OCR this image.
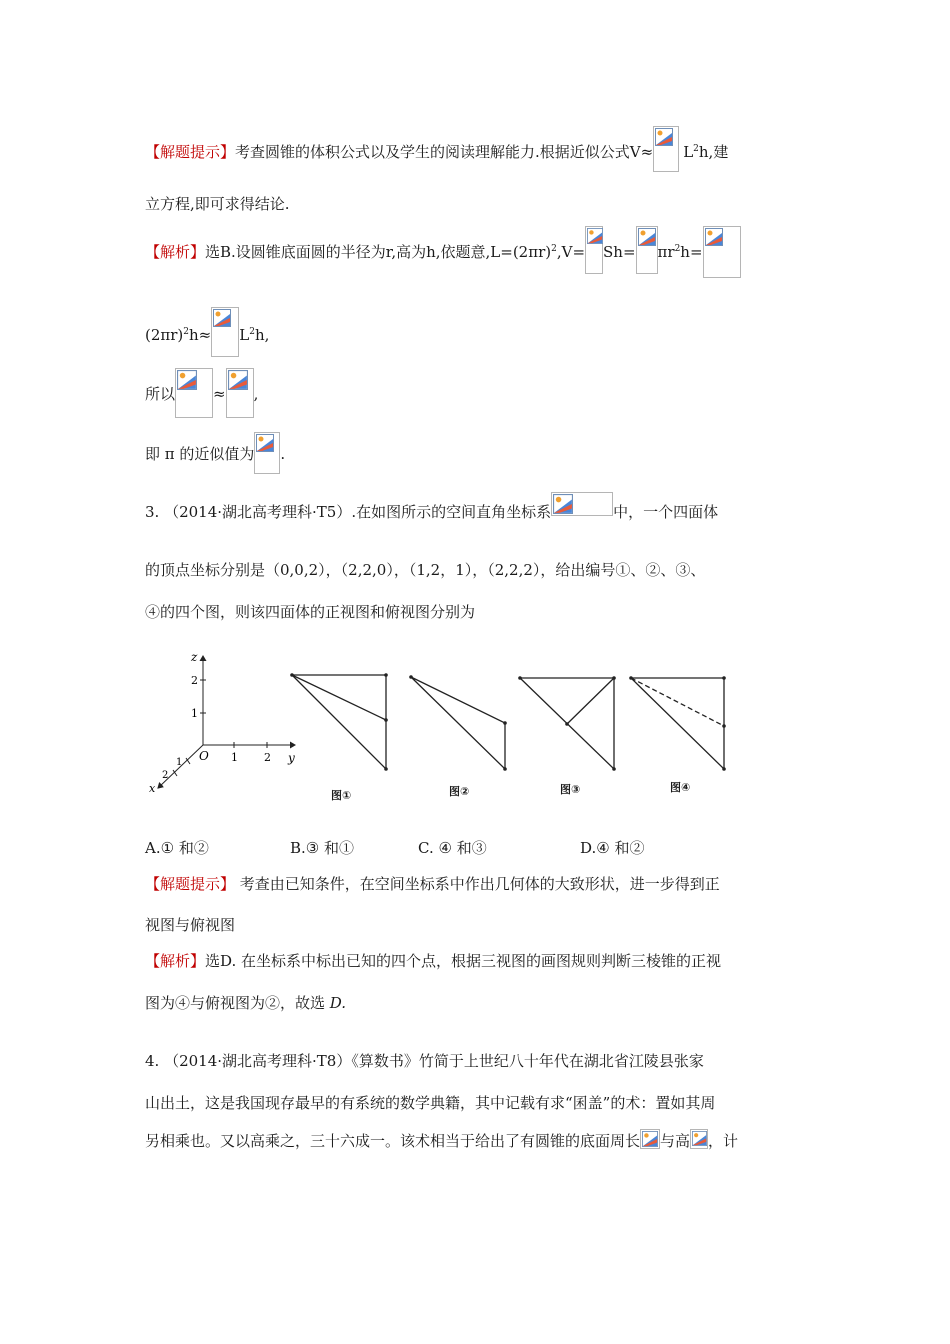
【解题提示】考查圆锥的体积公式以及学生的阅读理解能力.根据近似公式$V\approx L^2h$,建
立方程,即可求得结论.
【解析】选B.设圆锥底面圆的半径为r,高为h,依题意$,L=(2\pi r)^2,V= Sh= \pi r^2h=$
$(2\pi r)^2h\approx L^2h$,
所以	≈ ,
即 π 的近似值为 .
3. （2014·湖北高考理科·T5）.在如图所示的空间直角坐标系	中，一个四面体
的顶点坐标分别是（0,0,2），（2,2,0），（1,2，1），（2,2,2），给出编号①、②、③、
④的四个图，则该四面体的正视图和俯视图分别为
z
2
1
O 1 2 y
1
2
x
图①	图②	图③	图④
A.① 和②	B.③ 和①	C. ④ 和③	D.④ 和②
【解题提示】 考查由已知条件，在空间坐标系中作出几何体的大致形状，进一步得到正
视图与俯视图
【解析】选D. 在坐标系中标出已知的四个点，根据三视图的画图规则判断三棱锥的正视
图为④与俯视图为②，故选 D.
4. （2014·湖北高考理科·T8）《算数书》竹简于上世纪八十年代在湖北省江陵县张家
山出土，这是我国现存最早的有系统的数学典籍，其中记载有求“囷盖”的术：置如其周
另相乘也。又以高乘之，三十六成一。该术相当于给出了有圆锥的底面周长 与高 ，计
